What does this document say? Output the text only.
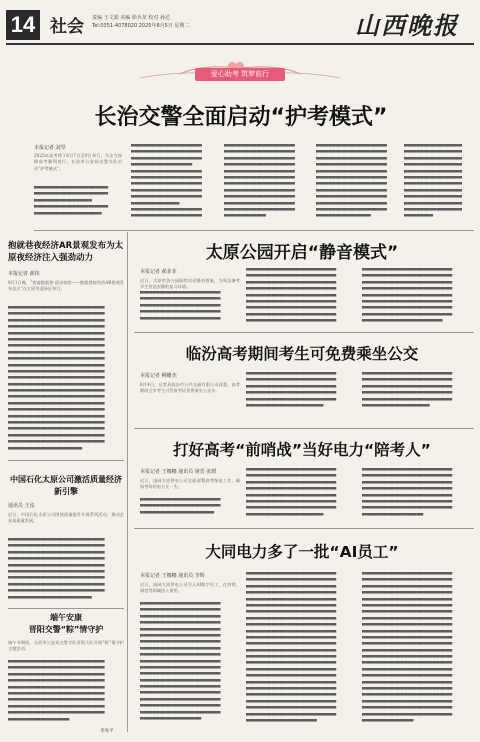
14 社会 责编 王文娟 美编 徐兵龙 校对 孙达
Tel:0351-4078020 2025年8月5日 星期二	山西晚报
爱心助考 筑梦前行
长治交警全面启动“护考模式”
本报记者 刘琴
2025年高考将于6月7日至9日举行，为全力保障高考顺利进行，长治市公安局交警支队启动“护考模式”。
▀▀▀▀▀▀▀▀▀▀▀▀▀▀▀▀▀▀▀▀▀▀▀
▀▀▀▀▀▀▀▀▀▀▀▀▀▀▀▀▀▀▀▀▀▀▀
▀▀▀▀▀▀▀▀▀▀▀▀▀▀▀▀▀▀
▀▀▀▀▀▀▀▀▀▀▀▀▀▀▀▀▀▀▀▀▀▀▀
▀▀▀▀▀▀▀▀▀▀▀▀▀▀▀▀▀▀▀▀▀
▀▀▀▀▀▀▀▀▀▀▀▀▀▀▀▀▀▀▀▀▀▀
▀▀▀▀▀▀▀▀▀▀▀▀▀▀▀▀▀▀▀▀▀▀
▀▀▀▀▀▀▀▀▀▀▀▀▀▀▀▀▀▀▀▀▀▀
▀▀▀▀▀▀▀▀▀▀▀▀▀▀▀▀▀▀▀
▀▀▀▀▀▀▀▀▀▀▀▀▀▀▀▀▀▀▀▀▀▀
▀▀▀▀▀▀▀▀▀▀▀▀▀▀▀▀▀▀▀▀▀▀
▀▀▀▀▀▀▀▀▀▀▀▀▀▀▀▀▀▀▀▀▀▀
▀▀▀▀▀▀▀▀▀▀▀▀▀▀▀▀▀▀▀▀▀▀
▀▀▀▀▀▀▀▀▀▀▀▀▀▀▀▀▀▀▀▀▀▀
▀▀▀▀▀▀▀▀▀▀▀▀▀▀▀
▀▀▀▀▀▀▀▀▀▀▀▀▀▀▀▀▀▀▀▀▀▀
▀▀▀▀▀▀▀▀▀▀▀▀▀▀▀▀▀▀▀▀▀▀
▀▀▀▀▀▀▀▀▀▀▀▀▀▀▀▀▀▀▀▀▀▀
▀▀▀▀▀▀▀▀▀▀▀▀▀▀▀▀▀▀▀▀▀▀
▀▀▀▀▀▀▀▀▀▀▀▀▀▀▀▀▀▀▀▀▀▀
▀▀▀▀▀▀▀▀▀▀▀▀▀▀▀▀▀▀▀▀▀▀
▀▀▀▀▀▀▀▀▀▀▀▀▀▀▀▀▀▀▀▀▀▀
▀▀▀▀▀▀▀▀▀▀▀▀▀▀▀▀▀▀▀▀▀▀
▀▀▀▀▀▀▀▀▀▀▀▀▀▀▀▀▀▀▀▀▀▀
▀▀▀▀▀▀▀▀▀▀▀▀▀▀▀▀▀▀▀▀▀▀
▀▀▀▀▀▀▀▀▀▀▀▀▀▀▀▀▀▀▀▀▀▀
▀▀▀▀▀▀▀▀▀▀▀▀▀▀▀▀▀▀▀▀▀▀
▀▀▀▀▀▀▀▀▀▀▀▀▀▀▀▀▀▀▀▀▀▀
▀▀▀▀▀▀▀▀▀▀▀▀▀
▀▀▀▀▀▀▀▀▀▀▀▀▀▀▀▀▀▀▀▀▀▀
▀▀▀▀▀▀▀▀▀▀▀▀▀▀▀▀▀▀▀▀▀▀
▀▀▀▀▀▀▀▀▀▀▀▀▀▀▀▀▀▀▀▀▀▀
▀▀▀▀▀▀▀▀▀▀▀▀▀▀▀▀▀▀▀▀▀▀
▀▀▀▀▀▀▀▀▀▀▀▀▀▀▀▀▀▀▀▀▀▀
▀▀▀▀▀▀▀▀▀▀▀▀▀▀▀▀▀▀▀▀▀▀
▀▀▀▀▀▀▀▀▀▀▀▀▀▀▀▀▀▀▀▀▀▀
▀▀▀▀▀▀▀▀▀▀▀▀▀▀▀▀▀▀▀▀▀▀
▀▀▀▀▀▀▀▀▀▀▀▀▀▀▀▀▀▀▀▀▀▀
▀▀▀▀▀▀▀▀▀▀▀▀▀▀▀▀▀▀▀▀▀▀
▀▀▀▀▀▀▀▀▀▀▀▀▀▀▀▀▀▀▀▀▀▀
▀▀▀▀▀▀▀▀▀▀▀▀▀▀▀▀▀
▀▀▀▀▀▀▀▀▀▀▀▀▀▀▀▀▀▀
▀▀▀▀▀▀▀▀▀▀▀▀▀▀▀▀▀▀
▀▀▀▀▀▀▀▀▀▀▀▀▀▀▀▀▀▀
▀▀▀▀▀▀▀▀▀▀▀▀▀▀▀▀▀▀
▀▀▀▀▀▀▀▀▀▀▀▀▀▀▀▀▀▀
▀▀▀▀▀▀▀▀▀▀▀▀▀▀▀▀▀▀
▀▀▀▀▀▀▀▀▀▀▀▀▀▀▀▀▀▀
▀▀▀▀▀▀▀▀▀▀▀▀▀▀▀▀▀▀
▀▀▀▀▀▀▀▀▀▀▀▀▀▀▀▀▀▀
▀▀▀▀▀▀▀▀▀▀▀▀▀▀▀▀▀▀
▀▀▀▀▀▀▀▀▀▀▀▀▀▀▀▀▀▀
▀▀▀▀▀▀▀▀▀
抱就巷夜经济AR景观发布为太原夜经济注入强劲动力
本报记者 郝伟
8月1日晚，“夜宴抱就巷·迎泽夜韵——抱就巷夜经济AR景观发布仪式”在太原市迎泽区举行。
▀▀▀▀▀▀▀▀▀▀▀▀▀▀▀▀▀▀▀▀▀▀▀▀▀▀▀▀▀▀
▀▀▀▀▀▀▀▀▀▀▀▀▀▀▀▀▀▀▀▀▀▀▀▀▀▀▀▀▀▀
▀▀▀▀▀▀▀▀▀▀▀▀▀▀▀▀▀▀▀▀▀▀▀▀▀▀▀▀▀▀
▀▀▀▀▀▀▀▀▀▀▀▀▀▀▀▀▀▀▀▀▀▀▀▀▀▀▀▀▀▀
▀▀▀▀▀▀▀▀▀▀▀▀▀▀▀▀▀▀▀▀▀▀▀▀▀▀▀▀▀▀
▀▀▀▀▀▀▀▀▀▀▀▀▀▀▀▀▀▀▀▀▀▀▀▀▀▀▀▀▀▀
▀▀▀▀▀▀▀▀▀▀▀▀▀▀▀▀▀▀▀▀▀▀▀▀▀▀▀▀▀▀
▀▀▀▀▀▀▀▀▀▀▀▀▀▀▀▀▀▀▀▀▀▀▀▀▀▀▀▀▀▀
▀▀▀▀▀▀▀▀▀▀▀▀▀▀▀▀▀▀▀▀▀▀▀▀▀▀▀▀▀▀
▀▀▀▀▀▀▀▀▀▀▀▀▀▀▀▀▀▀▀▀▀▀▀▀▀▀▀▀▀▀
▀▀▀▀▀▀▀▀▀▀▀▀▀▀▀▀▀▀▀▀▀▀▀▀▀▀▀▀▀▀
▀▀▀▀▀▀▀▀▀▀▀▀▀▀▀▀▀▀▀▀▀▀▀▀▀▀▀▀▀▀
▀▀▀▀▀▀▀▀▀▀▀▀▀▀▀▀▀▀▀▀▀▀▀▀▀▀▀▀▀▀
▀▀▀▀▀▀▀▀▀▀▀▀▀▀▀▀▀▀▀▀▀▀▀▀▀▀▀▀▀▀
▀▀▀▀▀▀▀▀▀▀▀▀▀▀▀▀▀▀▀▀▀▀▀▀▀▀▀▀▀▀
▀▀▀▀▀▀▀▀▀▀▀▀▀▀▀▀▀▀▀▀▀▀▀▀▀▀▀▀▀▀
▀▀▀▀▀▀▀▀▀▀▀▀▀▀▀▀▀▀▀▀▀▀▀▀▀▀▀▀▀▀
▀▀▀▀▀▀▀▀▀▀▀▀▀▀▀▀▀▀▀▀▀▀▀▀▀▀▀▀▀▀
▀▀▀▀▀▀▀▀▀▀▀▀▀▀▀▀▀▀▀▀▀▀▀▀▀▀▀▀▀▀
▀▀▀▀▀▀▀▀▀▀▀▀▀▀▀▀▀▀▀▀▀▀▀▀▀▀▀▀▀▀
▀▀▀▀▀▀▀▀▀▀▀▀▀▀▀▀▀▀▀▀▀▀▀▀▀▀▀▀▀▀
▀▀▀▀▀▀▀▀▀▀▀▀▀▀▀▀▀▀▀▀▀▀▀▀▀▀▀▀▀▀
▀▀▀▀▀▀▀▀▀▀▀▀▀▀▀▀▀▀▀▀▀▀▀
中国石化太原公司激活质量经济新引擎
通讯员 王泓
近日，中国石化太原公司围绕质量提升开展系列活动，推动企业高质量发展。
▀▀▀▀▀▀▀▀▀▀▀▀▀▀▀▀▀▀▀▀▀▀▀▀▀▀▀▀▀▀
▀▀▀▀▀▀▀▀▀▀▀▀▀▀▀▀▀▀▀▀▀▀▀▀▀▀▀▀▀▀
▀▀▀▀▀▀▀▀▀▀▀▀▀▀▀▀▀▀▀▀▀▀▀▀▀▀▀▀▀▀
▀▀▀▀▀▀▀▀▀▀▀▀▀▀▀▀▀▀▀▀▀▀▀▀▀▀▀▀▀▀
▀▀▀▀▀▀▀▀▀▀▀▀▀▀▀▀▀▀▀▀▀▀▀▀▀▀▀▀▀▀
▀▀▀▀▀▀▀▀▀▀▀▀▀▀▀▀▀▀▀▀▀▀▀▀▀▀▀▀▀▀
▀▀▀▀▀▀▀▀▀▀▀▀▀▀▀▀▀▀▀▀▀▀▀▀▀▀▀▀▀▀
▀▀▀▀▀▀▀▀▀▀▀▀▀▀▀▀▀▀▀▀▀▀▀▀▀▀▀▀▀▀
▀▀▀▀▀▀▀▀▀▀▀▀▀▀▀▀▀▀▀▀▀▀▀▀▀▀▀▀▀▀
▀▀▀▀▀▀▀▀▀▀▀▀▀▀▀▀▀▀▀▀▀▀▀▀▀▀
端午安康
晋阳交警“粽”情守护
端午节期间，太原市公安局交警支队晋阳大队开展“粽”情守护主题活动。
▀▀▀▀▀▀▀▀▀▀▀▀▀▀▀▀▀▀▀▀▀▀▀▀▀▀▀▀▀▀
▀▀▀▀▀▀▀▀▀▀▀▀▀▀▀▀▀▀▀▀▀▀▀▀▀▀▀▀▀▀
▀▀▀▀▀▀▀▀▀▀▀▀▀▀▀▀▀▀▀▀▀▀▀▀▀▀▀▀▀▀
▀▀▀▀▀▀▀▀▀▀▀▀▀▀▀▀▀▀▀▀▀▀▀▀▀▀▀▀▀▀
▀▀▀▀▀▀▀▀▀▀▀▀▀▀▀▀▀▀▀▀▀▀▀▀▀▀▀▀▀▀
▀▀▀▀▀▀▀▀▀▀▀▀▀▀▀▀▀▀▀▀▀▀▀▀▀▀▀▀▀▀
▀▀▀▀▀▀▀▀▀▀▀▀▀▀▀▀▀▀▀▀▀▀▀▀▀▀▀▀▀▀
▀▀▀▀▀▀▀▀▀▀▀▀▀▀▀▀▀▀▀▀▀▀▀▀▀▀▀▀▀▀
▀▀▀▀▀▀▀▀▀▀▀▀▀▀▀▀▀▀▀▀▀▀▀▀▀▀▀▀▀▀
▀▀▀▀▀▀▀▀▀▀▀▀▀▀▀▀▀▀▀
李凤平
太原公园开启“静音模式”
本报记者 郝菲菲
近日，太原市各公园陆续启动静音措施，为周边备考学生营造安静的复习环境。
▀▀▀▀▀▀▀▀▀▀▀▀▀▀▀▀▀▀▀▀▀▀▀▀▀
▀▀▀▀▀▀▀▀▀▀▀▀▀▀▀▀▀▀▀▀▀▀▀▀▀
▀▀▀▀▀▀▀▀▀▀▀▀▀▀▀▀▀▀▀▀▀▀▀▀▀
▀▀▀▀▀▀▀▀▀▀▀▀▀▀▀▀▀▀▀▀▀▀▀▀▀
▀▀▀▀▀▀▀▀▀▀▀▀▀▀▀▀▀▀▀▀▀▀▀▀▀
▀▀▀▀▀▀▀▀▀▀▀▀▀▀▀▀▀▀▀▀▀▀▀▀▀▀▀▀
▀▀▀▀▀▀▀▀▀▀▀▀▀▀▀▀▀▀▀▀▀▀▀▀▀▀▀▀
▀▀▀▀▀▀▀▀▀▀▀▀▀▀▀▀▀▀▀▀▀▀▀▀▀▀▀▀
▀▀▀▀▀▀▀▀▀▀▀▀▀▀▀▀▀▀▀▀▀▀▀▀▀▀▀▀
▀▀▀▀▀▀▀▀▀▀▀▀▀▀▀▀▀▀▀▀▀▀▀▀▀▀▀▀
▀▀▀▀▀▀▀▀▀▀▀▀▀▀▀▀▀▀▀▀▀▀▀▀▀▀▀▀
▀▀▀▀▀▀▀▀▀▀▀▀▀▀▀▀▀▀▀▀▀▀▀▀▀▀▀▀
▀▀▀▀▀▀▀▀▀▀▀▀▀▀▀▀▀▀▀▀▀▀▀▀▀▀▀▀
▀▀▀▀▀▀▀▀▀▀▀▀▀▀▀▀▀▀▀▀▀▀▀▀▀▀▀▀
▀▀▀▀▀▀▀▀▀▀▀▀▀▀▀▀▀▀▀▀▀▀▀▀▀▀▀▀
▀▀▀▀▀▀▀▀▀▀▀▀▀▀▀▀▀▀▀▀▀▀▀▀▀▀▀▀
▀▀▀▀▀▀▀▀▀▀▀▀▀▀▀▀▀▀▀▀▀▀▀▀▀▀▀▀
▀▀▀▀▀▀▀▀▀▀▀▀▀▀▀▀▀▀▀▀▀▀▀▀▀▀▀▀
▀▀▀▀▀▀▀▀▀▀▀▀▀▀▀▀▀▀▀▀▀▀▀▀▀▀▀▀
▀▀▀▀▀▀▀▀▀▀▀▀▀▀▀▀▀▀▀▀▀▀▀▀▀▀▀▀
▀▀▀▀▀▀▀▀▀▀▀▀▀▀▀▀▀▀▀▀▀▀▀▀▀▀▀▀
▀▀▀▀▀▀▀▀▀▀▀▀▀▀▀▀▀▀▀▀▀▀▀▀▀▀▀▀
▀▀▀▀▀▀▀▀▀▀▀▀▀▀▀▀▀▀▀▀▀▀▀▀▀
临汾高考期间考生可免费乘坐公交
本报记者 柳姗杰
6月4日，记者从临汾市公共交通有限公司获悉，高考期间全市考生可凭准考证免费乘坐公交车。
▀▀▀▀▀▀▀▀▀▀▀▀▀▀▀▀▀▀▀▀▀▀▀▀▀▀▀▀
▀▀▀▀▀▀▀▀▀▀▀▀▀▀▀▀▀▀▀▀▀▀▀▀▀▀▀▀
▀▀▀▀▀▀▀▀▀▀▀▀▀▀▀▀▀▀▀▀▀▀▀▀▀▀▀▀
▀▀▀▀▀▀▀▀▀▀▀▀▀▀▀▀▀▀▀▀▀▀▀▀▀▀▀▀
▀▀▀▀▀▀▀▀▀▀▀▀▀▀▀▀▀▀▀▀▀▀▀▀▀▀▀▀
▀▀▀▀▀▀▀▀▀▀▀▀▀▀▀▀▀▀▀▀▀▀▀▀
▀▀▀▀▀▀▀▀▀▀▀▀▀▀▀▀▀▀▀▀▀▀▀▀▀▀▀▀
▀▀▀▀▀▀▀▀▀▀▀▀▀▀▀▀▀▀▀▀▀▀▀▀▀▀▀▀
▀▀▀▀▀▀▀▀▀▀▀▀▀▀▀▀▀▀▀▀▀▀▀▀▀▀▀▀
▀▀▀▀▀▀▀▀▀▀▀▀▀▀▀▀▀▀▀▀▀▀▀▀▀▀▀▀
▀▀▀▀▀▀▀▀▀▀▀▀▀▀▀▀▀▀▀▀▀▀▀▀▀▀▀▀
▀▀▀▀▀▀▀▀▀▀▀▀▀▀▀▀▀▀▀▀▀
打好高考“前哨战”当好电力“陪考人”
本报记者 王娜娜 通讯员 屠晋 张媛
近日，国网太原供电公司全面部署高考保电工作，确保考场用电万无一失。
▀▀▀▀▀▀▀▀▀▀▀▀▀▀▀▀▀▀▀▀▀▀▀▀▀
▀▀▀▀▀▀▀▀▀▀▀▀▀▀▀▀▀▀▀▀▀▀▀▀▀
▀▀▀▀▀▀▀▀▀▀▀▀▀▀▀▀▀▀▀▀▀▀▀
▀▀▀▀▀▀▀▀▀▀▀▀▀▀▀▀▀▀▀▀▀▀▀▀▀▀▀▀
▀▀▀▀▀▀▀▀▀▀▀▀▀▀▀▀▀▀▀▀▀▀▀▀▀▀▀▀
▀▀▀▀▀▀▀▀▀▀▀▀▀▀▀▀▀▀▀▀▀▀▀▀▀▀▀▀
▀▀▀▀▀▀▀▀▀▀▀▀▀▀▀▀▀▀▀▀▀▀▀▀▀▀▀▀
▀▀▀▀▀▀▀▀▀▀▀▀▀▀▀▀▀▀▀▀▀▀▀▀▀▀▀▀
▀▀▀▀▀▀▀▀▀▀▀▀▀▀▀▀▀▀▀▀▀▀▀▀▀▀▀▀
▀▀▀▀▀▀▀▀▀▀▀▀▀▀▀▀▀▀▀▀▀▀▀▀▀▀▀▀
▀▀▀▀▀▀▀▀▀▀▀▀▀▀▀▀▀▀▀▀▀▀▀▀
▀▀▀▀▀▀▀▀▀▀▀▀▀▀▀▀▀▀▀▀▀▀▀▀▀▀▀▀
▀▀▀▀▀▀▀▀▀▀▀▀▀▀▀▀▀▀▀▀▀▀▀▀▀▀▀▀
▀▀▀▀▀▀▀▀▀▀▀▀▀▀▀▀▀▀▀▀▀▀▀▀▀▀▀▀
▀▀▀▀▀▀▀▀▀▀▀▀▀▀▀▀▀▀▀▀▀▀▀▀▀▀▀▀
▀▀▀▀▀▀▀▀▀▀▀▀▀▀▀▀▀▀▀▀▀▀▀▀▀▀▀▀
▀▀▀▀▀▀▀▀▀▀▀▀▀▀▀▀▀▀▀▀▀▀▀▀▀▀▀▀
▀▀▀▀▀▀▀▀▀▀▀▀▀▀▀▀▀▀▀▀▀▀▀▀▀▀▀▀
▀▀▀▀▀▀▀▀▀▀▀▀▀▀▀▀▀▀▀
大同电力多了一批“AI员工”
本报记者 王娜娜 通讯员 李辉
近日，国网大同供电公司引入AI数字员工，在营销、调度等领域投入使用。
▀▀▀▀▀▀▀▀▀▀▀▀▀▀▀▀▀▀▀▀▀▀▀▀▀
▀▀▀▀▀▀▀▀▀▀▀▀▀▀▀▀▀▀▀▀▀▀▀▀▀
▀▀▀▀▀▀▀▀▀▀▀▀▀▀▀▀▀▀▀▀▀▀▀▀▀
▀▀▀▀▀▀▀▀▀▀▀▀▀▀▀▀▀▀▀▀▀▀▀▀▀
▀▀▀▀▀▀▀▀▀▀▀▀▀▀▀▀▀▀▀▀▀▀▀▀▀
▀▀▀▀▀▀▀▀▀▀▀▀▀▀▀▀▀▀▀▀▀▀▀▀▀
▀▀▀▀▀▀▀▀▀▀▀▀▀▀▀▀▀▀▀▀▀▀▀▀▀
▀▀▀▀▀▀▀▀▀▀▀▀▀▀▀▀▀▀▀▀▀▀▀▀▀
▀▀▀▀▀▀▀▀▀▀▀▀▀▀▀▀▀▀▀▀▀▀▀▀▀
▀▀▀▀▀▀▀▀▀▀▀▀▀▀▀▀▀▀▀▀▀▀▀▀▀
▀▀▀▀▀▀▀▀▀▀▀▀▀▀▀▀▀▀▀▀▀▀▀▀▀
▀▀▀▀▀▀▀▀▀▀▀▀▀▀▀▀▀▀▀▀▀▀▀▀▀
▀▀▀▀▀▀▀▀▀▀▀▀▀▀▀▀▀▀▀▀▀▀▀▀▀
▀▀▀▀▀▀▀▀▀▀▀▀▀▀▀▀▀▀▀▀▀▀▀▀▀
▀▀▀▀▀▀▀▀▀▀▀▀▀▀▀▀▀▀▀▀▀▀▀▀▀
▀▀▀▀▀▀▀▀▀▀▀▀▀▀▀▀▀▀▀▀▀▀▀▀▀
▀▀▀▀▀▀▀▀▀▀▀▀▀▀▀▀▀▀▀▀▀▀▀▀▀
▀▀▀▀▀▀▀▀▀▀▀▀▀▀▀▀▀▀▀▀▀▀▀▀▀
▀▀▀▀▀▀▀▀▀▀▀▀▀▀▀▀▀▀▀
▀▀▀▀▀▀▀▀▀▀▀▀▀▀▀▀▀▀▀▀▀▀▀▀▀▀▀▀
▀▀▀▀▀▀▀▀▀▀▀▀▀▀▀▀▀▀▀▀▀▀▀▀▀▀▀▀
▀▀▀▀▀▀▀▀▀▀▀▀▀▀▀▀▀▀▀▀▀▀▀▀▀▀▀▀
▀▀▀▀▀▀▀▀▀▀▀▀▀▀▀▀▀▀▀▀▀▀▀▀▀▀▀▀
▀▀▀▀▀▀▀▀▀▀▀▀▀▀▀▀▀▀▀▀▀▀▀▀▀▀▀▀
▀▀▀▀▀▀▀▀▀▀▀▀▀▀▀▀▀▀▀▀▀▀▀▀▀▀▀▀
▀▀▀▀▀▀▀▀▀▀▀▀▀▀▀▀▀▀▀▀▀▀▀▀▀▀▀▀
▀▀▀▀▀▀▀▀▀▀▀▀▀▀▀▀▀▀▀▀▀▀▀▀▀▀▀▀
▀▀▀▀▀▀▀▀▀▀▀▀▀▀▀▀▀▀▀▀▀▀▀▀▀▀▀▀
▀▀▀▀▀▀▀▀▀▀▀▀▀▀▀▀▀▀▀▀▀▀▀▀▀▀▀▀
▀▀▀▀▀▀▀▀▀▀▀▀▀▀▀▀▀▀▀▀▀▀▀▀▀▀▀▀
▀▀▀▀▀▀▀▀▀▀▀▀▀▀▀▀▀▀▀▀▀▀▀▀▀▀▀▀
▀▀▀▀▀▀▀▀▀▀▀▀▀▀▀▀▀▀▀▀▀▀▀▀▀▀▀▀
▀▀▀▀▀▀▀▀▀▀▀▀▀▀▀▀▀▀▀▀▀▀▀▀▀▀▀▀
▀▀▀▀▀▀▀▀▀▀▀▀▀▀▀▀▀▀▀▀▀▀▀▀▀▀▀▀
▀▀▀▀▀▀▀▀▀▀▀▀▀▀▀▀▀▀▀▀▀▀▀▀▀▀▀▀
▀▀▀▀▀▀▀▀▀▀▀▀▀▀▀▀▀▀▀▀▀▀▀▀▀▀▀▀
▀▀▀▀▀▀▀▀▀▀▀▀▀▀▀▀▀▀▀▀▀▀▀▀▀▀▀▀
▀▀▀▀▀▀▀▀▀▀▀▀▀▀▀▀▀▀▀▀▀▀▀▀▀▀▀▀
▀▀▀▀▀▀▀▀▀▀▀▀▀▀▀▀▀▀▀▀▀▀▀▀▀▀▀▀
▀▀▀▀▀▀▀▀▀▀▀▀▀▀▀▀▀▀▀▀▀▀▀▀▀▀▀▀
▀▀▀▀▀▀▀▀▀▀▀▀▀▀▀▀▀▀▀▀▀▀▀▀▀▀▀▀
▀▀▀▀▀▀▀▀▀▀▀▀▀▀▀▀▀▀▀▀▀▀▀▀▀▀▀▀
▀▀▀▀▀▀▀▀▀▀▀▀▀▀▀▀▀▀▀▀▀▀
▀▀▀▀▀▀▀▀▀▀▀▀▀▀▀▀▀▀▀▀▀▀▀▀▀▀▀▀
▀▀▀▀▀▀▀▀▀▀▀▀▀▀▀▀▀▀▀▀▀▀▀▀▀▀▀▀
▀▀▀▀▀▀▀▀▀▀▀▀▀▀▀▀▀▀▀▀▀▀▀▀▀▀▀▀
▀▀▀▀▀▀▀▀▀▀▀▀▀▀▀▀▀▀▀▀▀▀▀▀▀▀▀▀
▀▀▀▀▀▀▀▀▀▀▀▀▀▀▀▀▀▀▀▀▀▀▀▀▀▀▀▀
▀▀▀▀▀▀▀▀▀▀▀▀▀▀▀▀▀▀▀▀▀▀▀▀▀▀▀▀
▀▀▀▀▀▀▀▀▀▀▀▀▀▀▀▀▀▀▀▀▀▀▀▀▀▀▀▀
▀▀▀▀▀▀▀▀▀▀▀▀▀▀▀▀▀▀▀▀▀▀▀▀▀▀▀▀
▀▀▀▀▀▀▀▀▀▀▀▀▀▀▀▀▀▀▀▀▀▀▀▀▀▀▀▀
▀▀▀▀▀▀▀▀▀▀▀▀▀▀▀▀▀▀▀▀▀▀▀▀▀▀▀▀
▀▀▀▀▀▀▀▀▀▀▀▀▀▀▀▀▀▀▀▀▀▀▀▀▀▀▀▀
▀▀▀▀▀▀▀▀▀▀▀▀▀▀▀▀▀▀▀▀▀▀▀▀▀▀▀▀
▀▀▀▀▀▀▀▀▀▀▀▀▀▀▀▀▀▀▀▀▀▀▀▀▀▀▀▀
▀▀▀▀▀▀▀▀▀▀▀▀▀▀▀▀▀▀▀▀▀▀▀▀▀▀▀▀
▀▀▀▀▀▀▀▀▀▀▀▀▀▀▀▀▀▀▀▀▀▀▀▀▀▀▀▀
▀▀▀▀▀▀▀▀▀▀▀▀▀▀▀▀▀▀▀▀▀▀▀▀▀▀▀▀
▀▀▀▀▀▀▀▀▀▀▀▀▀▀▀▀▀▀▀▀▀▀▀▀▀▀▀▀
▀▀▀▀▀▀▀▀▀▀▀▀▀▀▀▀▀▀▀▀▀▀▀▀▀▀▀▀
▀▀▀▀▀▀▀▀▀▀▀▀▀▀▀▀▀▀▀▀▀▀▀▀▀▀▀▀
▀▀▀▀▀▀▀▀▀▀▀▀▀▀▀▀▀▀▀▀▀▀▀▀▀▀▀▀
▀▀▀▀▀▀▀▀▀▀▀▀▀▀▀▀▀▀▀▀▀▀▀▀▀▀▀▀
▀▀▀▀▀▀▀▀▀▀▀▀▀▀▀▀▀▀▀▀▀▀▀▀▀▀▀▀
▀▀▀▀▀▀▀▀▀▀▀▀▀▀▀▀▀▀▀▀▀▀▀▀▀▀▀▀
▀▀▀▀▀▀▀▀▀▀▀▀▀▀▀▀
